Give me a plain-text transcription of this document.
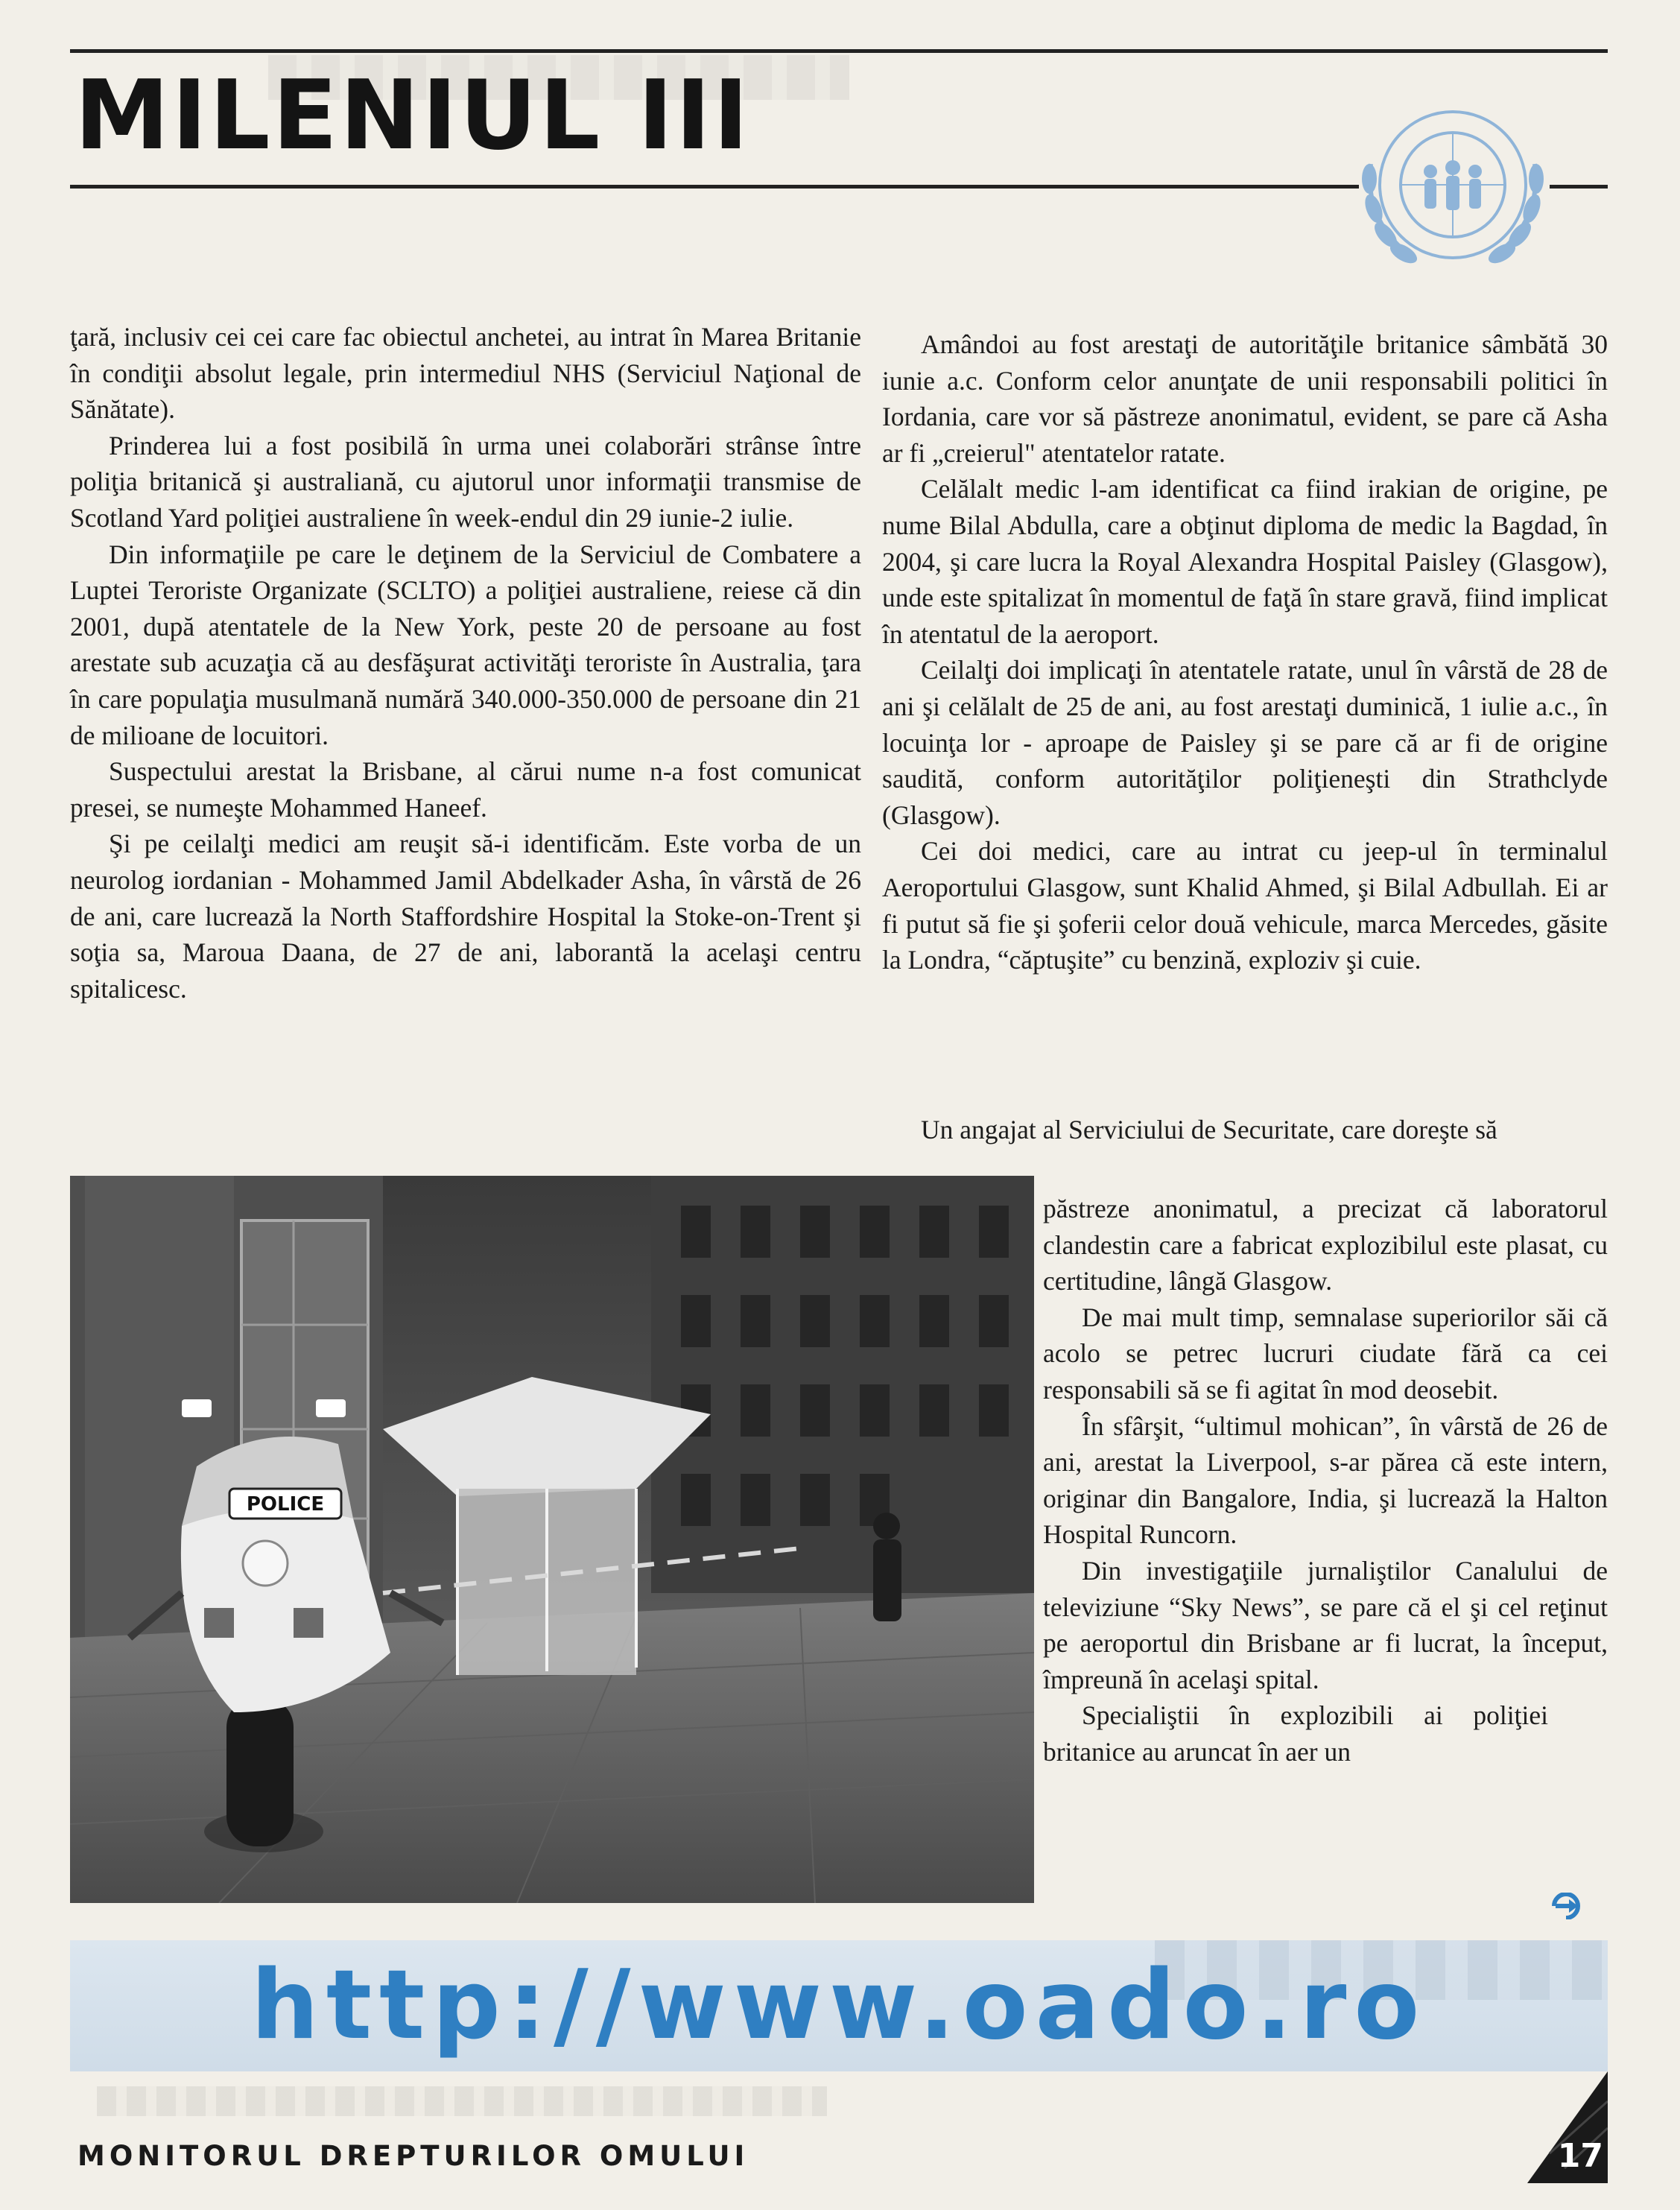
MILENIUL III

ţară, inclusiv cei cei care fac obiectul anchetei, au intrat în Marea Britanie în condiţii absolut legale, prin intermediul NHS (Serviciul Naţional de Sănătate).

Prinderea lui a fost posibilă în urma unei colaborări strânse între poliţia britanică şi australiană, cu ajutorul unor informaţii transmise de Scotland Yard poliţiei australiene în week-endul din 29 iunie-2 iulie.

Din informaţiile pe care le deţinem de la Serviciul de Combatere a Luptei Teroriste Organizate (SCLTO) a poliţiei australiene, reiese că din 2001, după atentatele de la New York, peste 20 de persoane au fost arestate sub acuzaţia că au desfăşurat activităţi teroriste în Australia, ţara în care populaţia musulmană numără 340.000-350.000 de persoane din 21 de milioane de locuitori.

Suspectului arestat la Brisbane, al cărui nume n-a fost comunicat presei, se numeşte Mohammed Haneef.

Şi pe ceilalţi medici am reuşit să-i identificăm. Este vorba de un neurolog iordanian - Mohammed Jamil Abdelkader Asha, în vârstă de 26 de ani, care lucrează la North Staffordshire Hospital la Stoke-on-Trent şi soţia sa, Maroua Daana, de 27 de ani, laborantă la acelaşi centru spitalicesc.

Amândoi au fost arestaţi de autorităţile britanice sâmbătă 30 iunie a.c. Conform celor anunţate de unii responsabili politici în Iordania, care vor să păstreze anonimatul, evident, se pare că Asha ar fi „creierul" atentatelor ratate.

Celălalt medic l-am identificat ca fiind irakian de origine, pe nume Bilal Abdulla, care a obţinut diploma de medic la Bagdad, în 2004, şi care lucra la Royal Alexandra Hospital Paisley (Glasgow), unde este spitalizat în momentul de faţă în stare gravă, fiind implicat în atentatul de la aeroport.

Ceilalţi doi implicaţi în atentatele ratate, unul în vârstă de 28 de ani şi celălalt de 25 de ani, au fost arestaţi duminică, 1 iulie a.c., în locuinţa lor - aproape de Paisley şi se pare că ar fi de origine saudită, conform autorităţilor poliţieneşti din Strathclyde (Glasgow).

Cei doi medici, care au intrat cu jeep-ul în terminalul Aeroportului Glasgow, sunt Khalid Ahmed, şi Bilal Adbullah. Ei ar fi putut să fie şi şoferii celor două vehicule, marca Mercedes, găsite la Londra, “căptuşite” cu benzină, exploziv şi cuie.

Un angajat al Serviciului de Securitate, care doreşte să

păstreze anonimatul, a precizat că laboratorul clandestin care a fabricat explozibilul este plasat, cu certitudine, lângă Glasgow.

De mai mult timp, semnalase superiorilor săi că acolo se petrec lucruri ciudate fără ca cei responsabili să se fi agitat în mod deosebit.

În sfârşit, “ultimul mohican”, în vârstă de 26 de ani, arestat la Liverpool, s-ar părea că este intern, originar din Bangalore, India, şi lucrează la Halton Hospital Runcorn.

Din investigaţiile jurnaliştilor Canalului de televiziune “Sky News”, se pare că el şi cel reţinut pe aeroportul din Brisbane ar fi lucrat, la început, împreună în acelaşi spital.

Specialiştii în explozibili ai poliţiei britanice au aruncat în aer un

POLICE
http://www.oado.ro
MONITORUL DREPTURILOR OMULUI	17
